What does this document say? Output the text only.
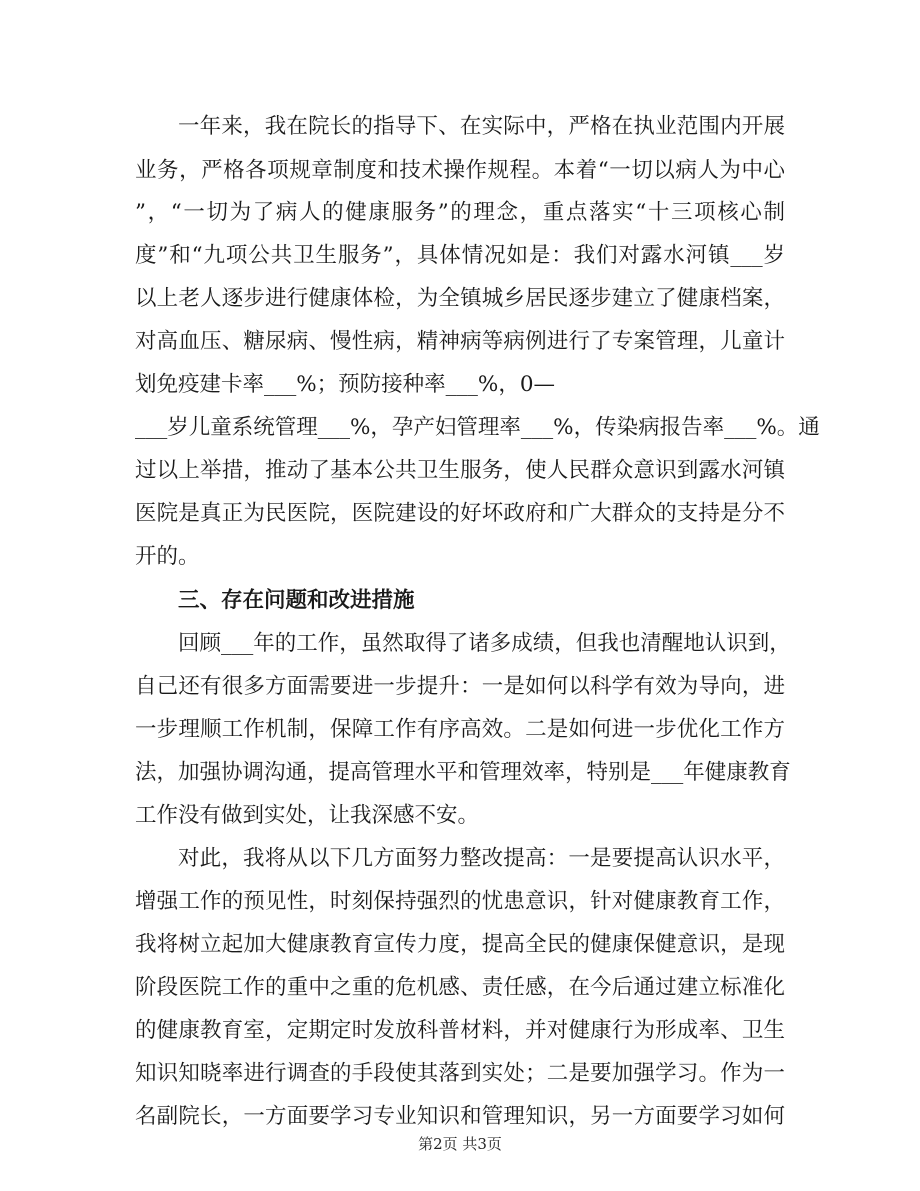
一年来，我在院长的指导下、在实际中，严格在执业范围内开展
业务，严格各项规章制度和技术操作规程。本着“一切以病人为中心
”，“一切为了病人的健康服务”的理念，重点落实“十三项核心制
度”和“九项公共卫生服务”，具体情况如是：我们对露水河镇___岁
以上老人逐步进行健康体检，为全镇城乡居民逐步建立了健康档案，
对高血压、糖尿病、慢性病，精神病等病例进行了专案管理，儿童计
划免疫建卡率___%；预防接种率___%，0—
___岁儿童系统管理___%，孕产妇管理率___%，传染病报告率___%。通
过以上举措，推动了基本公共卫生服务，使人民群众意识到露水河镇
医院是真正为民医院，医院建设的好坏政府和广大群众的支持是分不
开的。
三、存在问题和改进措施
回顾___年的工作，虽然取得了诸多成绩，但我也清醒地认识到，
自己还有很多方面需要进一步提升：一是如何以科学有效为导向，进
一步理顺工作机制，保障工作有序高效。二是如何进一步优化工作方
法，加强协调沟通，提高管理水平和管理效率，特别是___年健康教育
工作没有做到实处，让我深感不安。
对此，我将从以下几方面努力整改提高：一是要提高认识水平，
增强工作的预见性，时刻保持强烈的忧患意识，针对健康教育工作，
我将树立起加大健康教育宣传力度，提高全民的健康保健意识，是现
阶段医院工作的重中之重的危机感、责任感，在今后通过建立标准化
的健康教育室，定期定时发放科普材料，并对健康行为形成率、卫生
知识知晓率进行调查的手段使其落到实处；二是要加强学习。作为一
名副院长，一方面要学习专业知识和管理知识，另一方面要学习如何
第2页 共3页
